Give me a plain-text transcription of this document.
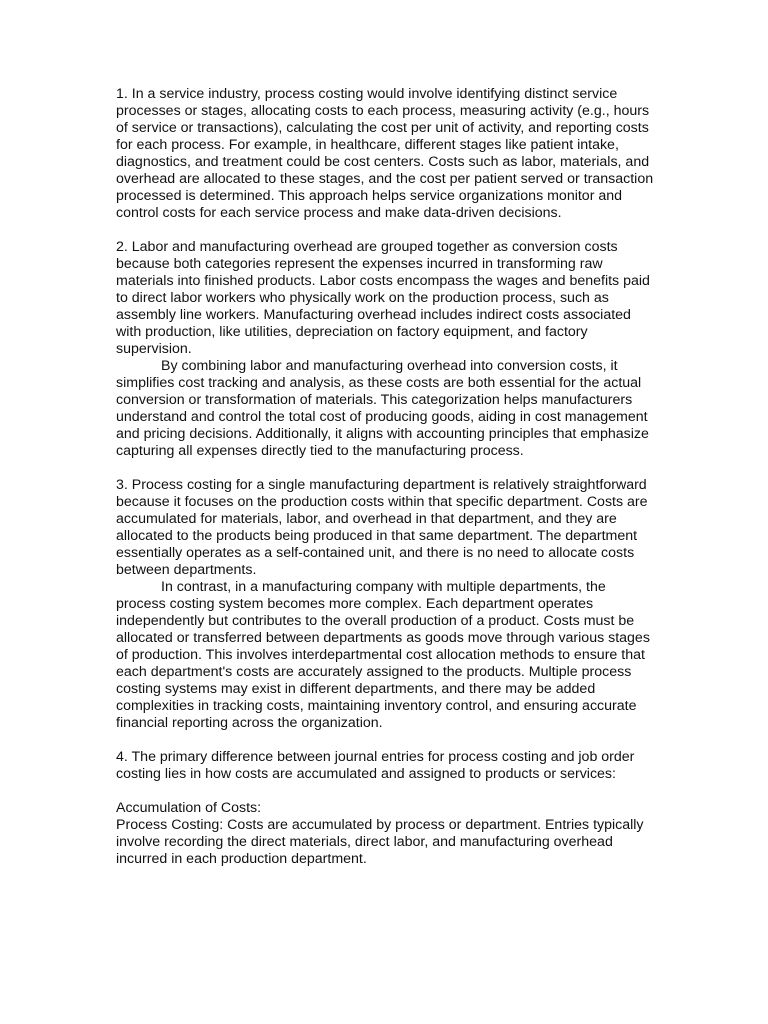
1. In a service industry, process costing would involve identifying distinct service processes or stages, allocating costs to each process, measuring activity (e.g., hours of service or transactions), calculating the cost per unit of activity, and reporting costs for each process. For example, in healthcare, different stages like patient intake, diagnostics, and treatment could be cost centers. Costs such as labor, materials, and overhead are allocated to these stages, and the cost per patient served or transaction processed is determined. This approach helps service organizations monitor and control costs for each service process and make data-driven decisions.

2. Labor and manufacturing overhead are grouped together as conversion costs because both categories represent the expenses incurred in transforming raw materials into finished products. Labor costs encompass the wages and benefits paid to direct labor workers who physically work on the production process, such as assembly line workers. Manufacturing overhead includes indirect costs associated with production, like utilities, depreciation on factory equipment, and factory supervision.

By combining labor and manufacturing overhead into conversion costs, it simplifies cost tracking and analysis, as these costs are both essential for the actual conversion or transformation of materials. This categorization helps manufacturers understand and control the total cost of producing goods, aiding in cost management and pricing decisions. Additionally, it aligns with accounting principles that emphasize capturing all expenses directly tied to the manufacturing process.

3. Process costing for a single manufacturing department is relatively straightforward because it focuses on the production costs within that specific department. Costs are accumulated for materials, labor, and overhead in that department, and they are allocated to the products being produced in that same department. The department essentially operates as a self-contained unit, and there is no need to allocate costs between departments.

In contrast, in a manufacturing company with multiple departments, the process costing system becomes more complex. Each department operates independently but contributes to the overall production of a product. Costs must be allocated or transferred between departments as goods move through various stages of production. This involves interdepartmental cost allocation methods to ensure that each department's costs are accurately assigned to the products. Multiple process costing systems may exist in different departments, and there may be added complexities in tracking costs, maintaining inventory control, and ensuring accurate financial reporting across the organization.

4. The primary difference between journal entries for process costing and job order costing lies in how costs are accumulated and assigned to products or services:

Accumulation of Costs:

Process Costing: Costs are accumulated by process or department. Entries typically involve recording the direct materials, direct labor, and manufacturing overhead incurred in each production department.
